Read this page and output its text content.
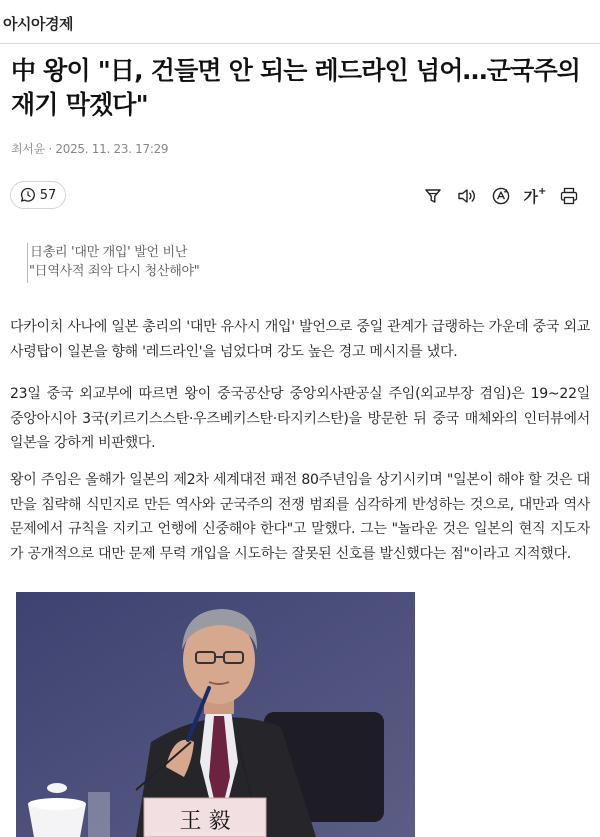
아시아경제
中 왕이 "日, 건들면 안 되는 레드라인 넘어…군국주의 재기 막겠다"
최서윤 · 2025. 11. 23. 17:29
57	가 +
日총리 '대만 개입' 발언 비난
"日역사적 죄악 다시 청산해야"

다카이치 사나에 일본 총리의 '대만 유사시 개입' 발언으로 중일 관계가 급랭하는 가운데 중국 외교 사령탑이 일본을 향해 '레드라인'을 넘었다며 강도 높은 경고 메시지를 냈다.

23일 중국 외교부에 따르면 왕이 중국공산당 중앙외사판공실 주임(외교부장 겸임)은 19~22일 중앙아시아 3국(키르기스스탄·우즈베키스탄·타지키스탄)을 방문한 뒤 중국 매체와의 인터뷰에서 일본을 강하게 비판했다.

왕이 주임은 올해가 일본의 제2차 세계대전 패전 80주년임을 상기시키며 "일본이 해야 할 것은 대만을 침략해 식민지로 만든 역사와 군국주의 전쟁 범죄를 심각하게 반성하는 것으로, 대만과 역사 문제에서 규칙을 지키고 언행에 신중해야 한다"고 말했다. 그는 "놀라운 것은 일본의 현직 지도자가 공개적으로 대만 문제 무력 개입을 시도하는 잘못된 신호를 발신했다는 점"이라고 지적했다.

王 毅
